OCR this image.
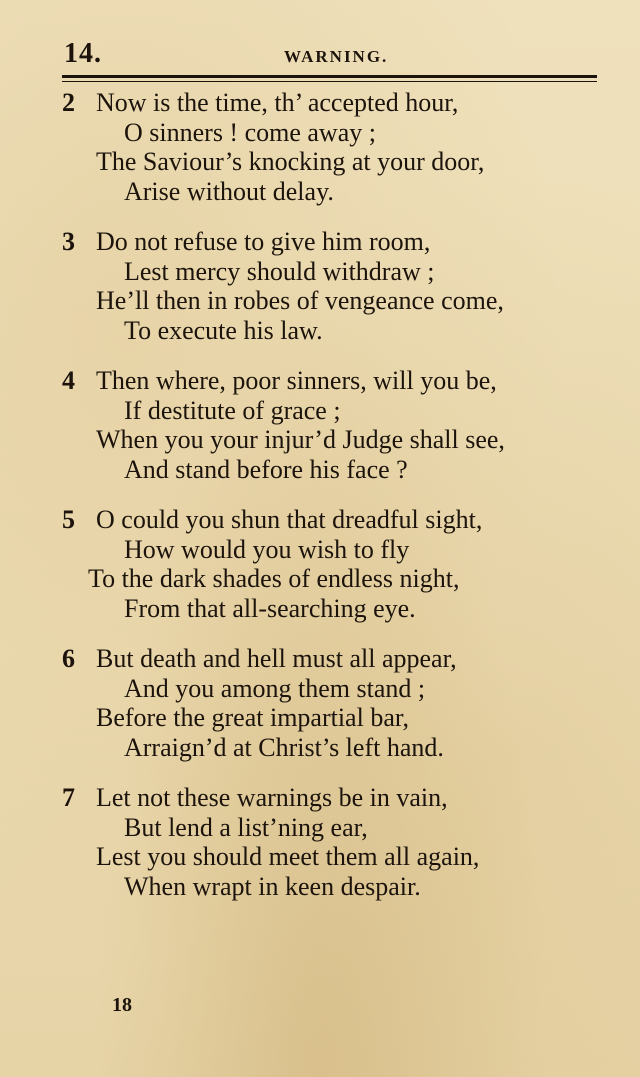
14.	WARNING.
2 Now is the time, th’ accepted hour,
O sinners ! come away ;
The Saviour’s knocking at your door,
Arise without delay.
3 Do not refuse to give him room,
Lest mercy should withdraw ;
He’ll then in robes of vengeance come,
To execute his law.
4 Then where, poor sinners, will you be,
If destitute of grace ;
When you your injur’d Judge shall see,
And stand before his face ?
5 O could you shun that dreadful sight,
How would you wish to fly
To the dark shades of endless night,
From that all-searching eye.
6 But death and hell must all appear,
And you among them stand ;
Before the great impartial bar,
Arraign’d at Christ’s left hand.
7 Let not these warnings be in vain,
But lend a list’ning ear,
Lest you should meet them all again,
When wrapt in keen despair.
18
